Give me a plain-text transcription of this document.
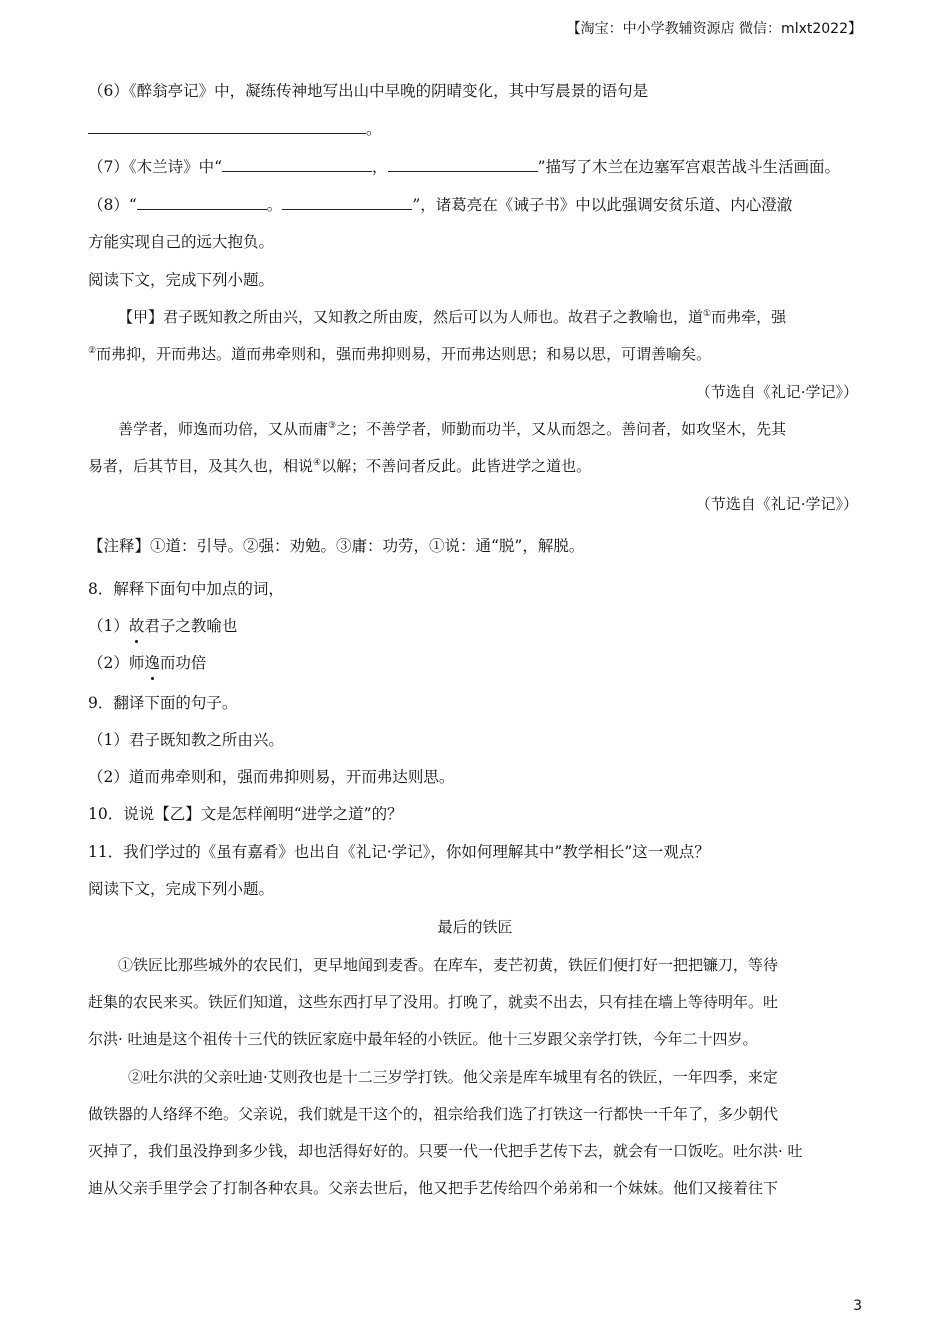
【淘宝：中小学教辅资源店 微信：mlxt2022】
（6）《醉翁亭记》中，凝练传神地写出山中早晚的阴晴变化，其中写晨景的语句是
。
（7）《木兰诗》中“	，	”描写了木兰在边塞军宫艰苦战斗生活画面。
（8）“	。	”，诸葛亮在《诫子书》中以此强调安贫乐道、内心澄澈
方能实现自己的远大抱负。
阅读下文，完成下列小题。
【甲】君子既知教之所由兴，又知教之所由废，然后可以为人师也。故君子之教喻也，道①而弗牵，强
②而弗抑，开而弗达。道而弗牵则和，强而弗抑则易，开而弗达则思；和易以思，可谓善喻矣。
（节选自《礼记·学记》）
善学者，师逸而功倍，又从而庸③之；不善学者，师勤而功半，又从而怨之。善问者，如攻坚木，先其
易者，后其节目，及其久也，相说④以解；不善问者反此。此皆进学之道也。
（节选自《礼记·学记》）
【注释】①道：引导。②强：劝勉。③庸：功劳，①说：通“脱”，解脱。
8．解释下面句中加点的词，
（1）故君子之教喻也
（2）师逸而功倍
9．翻译下面的句子。
（1）君子既知教之所由兴。
（2）道而弗牵则和，强而弗抑则易，开而弗达则思。
10．说说【乙】文是怎样阐明“进学之道”的？
11．我们学过的《虽有嘉肴》也出自《礼记·学记》，你如何理解其中”教学相长”这一观点？
阅读下文，完成下列小题。
最后的铁匠
①铁匠比那些城外的农民们，更早地闻到麦香。在库车，麦芒初黄，铁匠们便打好一把把镰刀，等待
赶集的农民来买。铁匠们知道，这些东西打早了没用。打晚了，就卖不出去，只有挂在墙上等待明年。吐
尔洪· 吐迪是这个祖传十三代的铁匠家庭中最年轻的小铁匠。他十三岁跟父亲学打铁，今年二十四岁。
②吐尔洪的父亲吐迪·艾则孜也是十二三岁学打铁。他父亲是库车城里有名的铁匠，一年四季，来定
做铁器的人络绎不绝。父亲说，我们就是干这个的，祖宗给我们选了打铁这一行都快一千年了，多少朝代
灭掉了，我们虽没挣到多少钱，却也活得好好的。只要一代一代把手艺传下去，就会有一口饭吃。吐尔洪· 吐
迪从父亲手里学会了打制各种农具。父亲去世后，他又把手艺传给四个弟弟和一个妹妹。他们又接着往下
3
